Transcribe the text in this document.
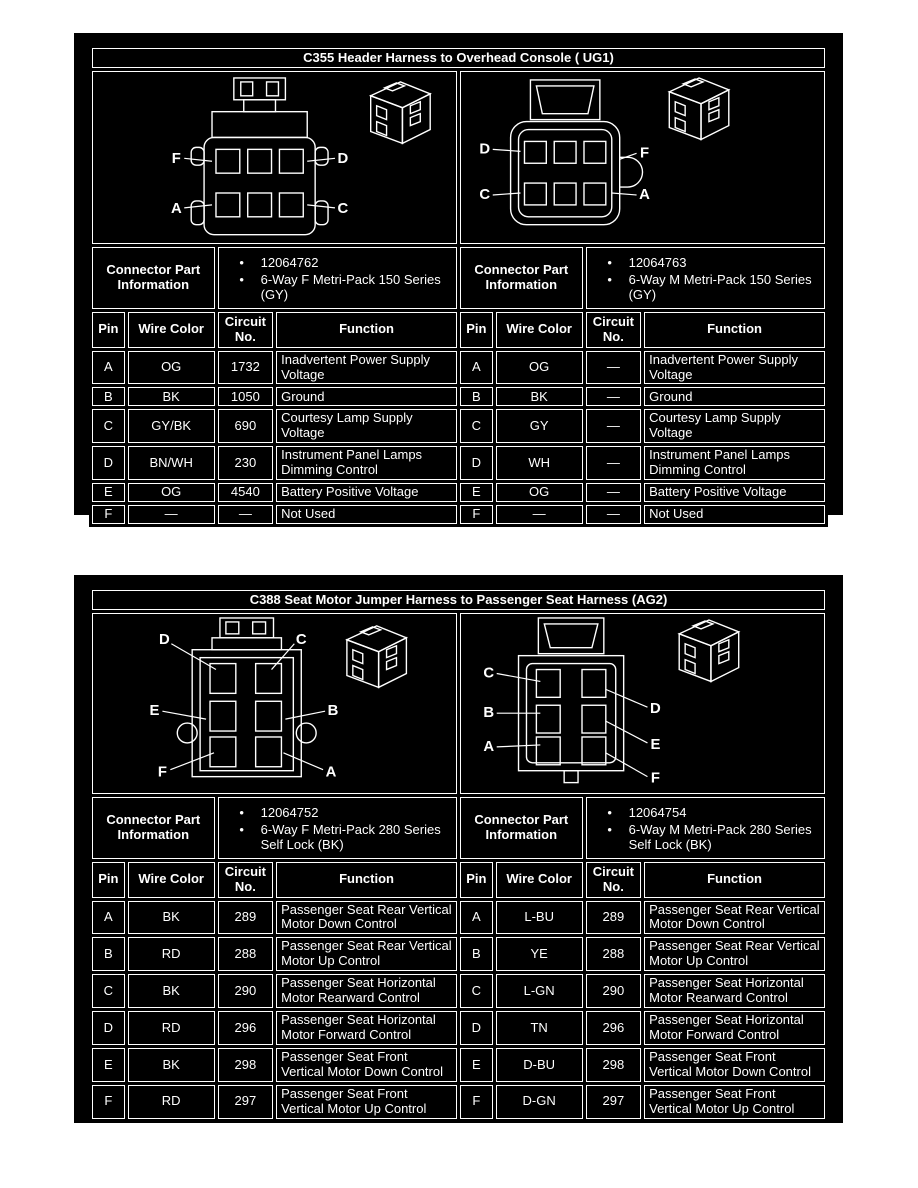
C355 Header Harness to Overhead Console ( UG1)							

F D
A C				D F
C A			

Connector Part Information	
•
12064762
•
6-Way F Metri-Pack 150 Series (GY)
	Connector Part Information	
•
12064763
•
6-Way M Metri-Pack 150 Series (GY)

Pin	Wire Color	Circuit No.	Function	Pin	Wire Color	Circuit No.	Function
A	OG	1732	Inadvertent Power Supply Voltage	A	OG	—	Inadvertent Power Supply Voltage
B	BK	1050	Ground	B	BK	—	Ground
C	GY/BK	690	Courtesy Lamp Supply Voltage	C	GY	—	Courtesy Lamp Supply Voltage
D	BN/WH	230	Instrument Panel Lamps Dimming Control	D	WH	—	Instrument Panel Lamps Dimming Control
E	OG	4540	Battery Positive Voltage	E	OG	—	Battery Positive Voltage
F	—	—	Not Used	F	—	—	Not Used
C388 Seat Motor Jumper Harness to Passenger Seat Harness (AG2)							

D	C
E	B
F	A

C
B
A
D
E
F

Connector Part Information	
•
12064752
•
6-Way F Metri-Pack 280 Series Self Lock (BK)
	Connector Part Information	
•
12064754
•
6-Way M Metri-Pack 280 Series Self Lock (BK)

Pin	Wire Color	Circuit No.	Function	Pin	Wire Color	Circuit No.	Function
A	BK	289	Passenger Seat Rear Vertical Motor Down Control	A	L-BU	289	Passenger Seat Rear Vertical Motor Down Control
B	RD	288	Passenger Seat Rear Vertical Motor Up Control	B	YE	288	Passenger Seat Rear Vertical Motor Up Control
C	BK	290	Passenger Seat Horizontal Motor Rearward Control	C	L-GN	290	Passenger Seat Horizontal Motor Rearward Control
D	RD	296	Passenger Seat Horizontal Motor Forward Control	D	TN	296	Passenger Seat Horizontal Motor Forward Control
E	BK	298	Passenger Seat Front Vertical Motor Down Control	E	D-BU	298	Passenger Seat Front Vertical Motor Down Control
F	RD	297	Passenger Seat Front Vertical Motor Up Control	F	D-GN	297	Passenger Seat Front Vertical Motor Up Control
